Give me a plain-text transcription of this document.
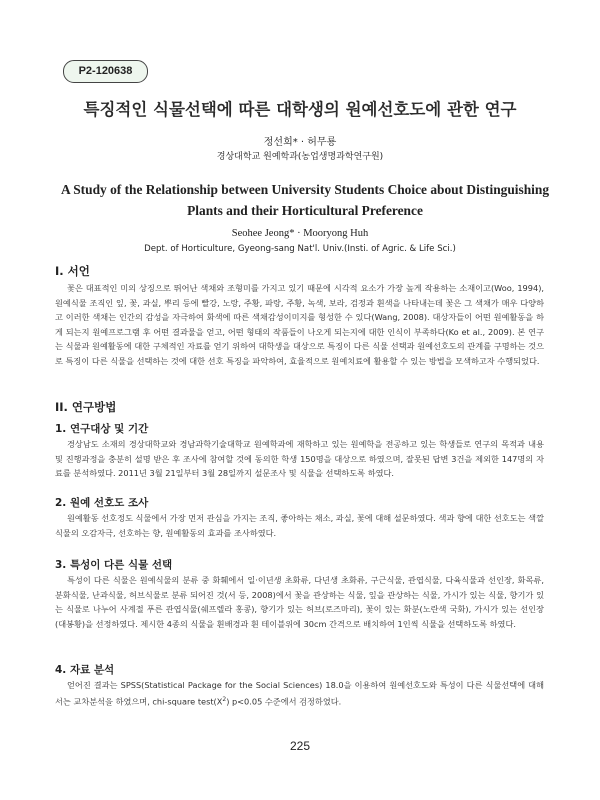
P2-120638
특징적인 식물선택에 따른 대학생의 원예선호도에 관한 연구
정선희* · 허무룡
경상대학교 원예학과(농업생명과학연구원)
A Study of the Relationship between University Students Choice about Distinguishing
Plants and their Horticultural Preference
Seohee Jeong* · Mooryong Huh
Dept. of Horticulture, Gyeong-sang Nat'l. Univ.(Insti. of Agric. & Life Sci.)
I. 서언

꽃은 대표적인 미의 상징으로 뛰어난 색채와 조형미를 가지고 있기 때문에 시각적 요소가 가장 높게 작용하는 소재이고(Woo, 1994), 원예식물 조직인 잎, 꽃, 과실, 뿌리 등에 빨강, 노랑, 주황, 파랑, 주황, 녹색, 보라, 검정과 흰색을 나타내는데 꽃은 그 색채가 매우 다양하고 이러한 색채는 인간의 감성을 자극하여 화색에 따른 색채감성이미지를 형성한 수 있다(Wang, 2008). 대상자들이 어떤 원예활동을 하게 되는지 원예프로그램 후 어떤 결과물을 얻고, 어떤 형태의 작품들이 나오게 되는지에 대한 인식이 부족하다(Ko et al., 2009). 본 연구는 식물과 원예활동에 대한 구체적인 자료를 얻기 위하여 대학생을 대상으로 특징이 다른 식물 선택과 원예선호도의 관계를 구명하는 것으로 특징이 다른 식물을 선택하는 것에 대한 선호 특징을 파악하여, 효율적으로 원예치료에 활용할 수 있는 방법을 모색하고자 수행되었다.

II. 연구방법
1. 연구대상 및 기간

경상남도 소재의 경상대학교와 경남과학기술대학교 원예학과에 재학하고 있는 원예학을 전공하고 있는 학생들로 연구의 목적과 내용 및 진행과정을 충분히 설명 받은 후 조사에 참여할 것에 동의한 학생 150명을 대상으로 하였으며, 잘못된 답변 3건을 제외한 147명의 자료를 분석하였다. 2011년 3월 21일부터 3월 28일까지 설문조사 및 식물을 선택하도록 하였다.

2. 원예 선호도 조사

원예활동 선호정도 식물에서 가장 먼저 관심을 가지는 조직, 좋아하는 채소, 과실, 꽃에 대해 설문하였다. 색과 향에 대한 선호도는 색깔 식물의 오감자극, 선호하는 향, 원예활동의 효과를 조사하였다.

3. 특성이 다른 식물 선택

특성이 다른 식물은 원예식물의 분류 중 화훼에서 일·이년생 초화류, 다년생 초화류, 구근식물, 관엽식물, 다육식물과 선인장, 화목류, 분화식물, 난과식물, 허브식물로 분류 되어진 것(서 등, 2008)에서 꽃을 관상하는 식물, 잎을 관상하는 식물, 가시가 있는 식물, 향기가 있는 식물로 나누어 사계절 푸른 관엽식물(쉐프렐라 홍콩), 향기가 있는 허브(로즈마리), 꽃이 있는 화분(노란색 국화), 가시가 있는 선인장(대봉황)을 선정하였다. 제시한 4종의 식물을 흰배경과 흰 테이블위에 30cm 간격으로 배치하여 1인씩 식물을 선택하도록 하였다.

4. 자료 분석

얻어진 결과는 SPSS(Statistical Package for the Social Sciences) 18.0을 이용하여 원예선호도와 특성이 다른 식물선택에 대해서는 교차분석을 하였으며, chi-square $test(X^2)$ p<0.05 수준에서 검정하였다.

225
